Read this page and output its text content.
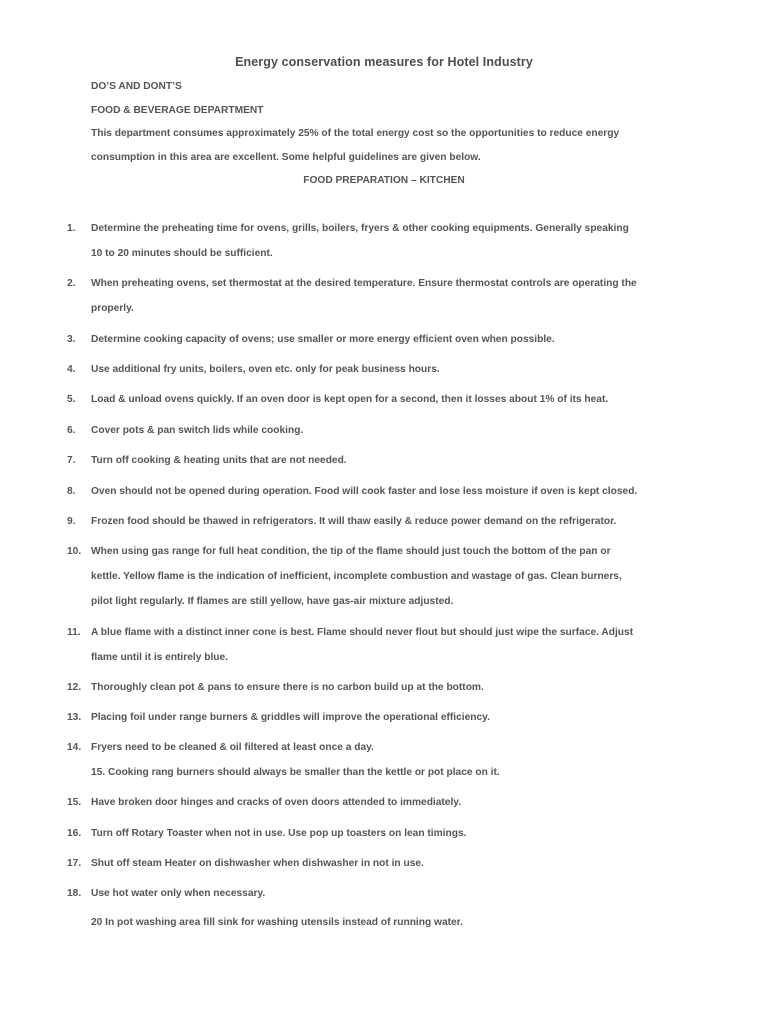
Energy conservation measures for Hotel Industry
DO’S AND DONT’S
FOOD & BEVERAGE DEPARTMENT
This department consumes approximately 25% of the total energy cost so the opportunities to reduce energy
consumption in this area are excellent. Some helpful guidelines are given below.
FOOD PREPARATION – KITCHEN
1. Determine the preheating time for ovens, grills, boilers, fryers & other cooking equipments. Generally speaking
10 to 20 minutes should be sufficient.
2. When preheating ovens, set thermostat at the desired temperature. Ensure thermostat controls are operating the
properly.
3. Determine cooking capacity of ovens; use smaller or more energy efficient oven when possible.
4. Use additional fry units, boilers, oven etc. only for peak business hours.
5. Load & unload ovens quickly. If an oven door is kept open for a second, then it losses about 1% of its heat.
6. Cover pots & pan switch lids while cooking.
7. Turn off cooking & heating units that are not needed.
8. Oven should not be opened during operation. Food will cook faster and lose less moisture if oven is kept closed.
9. Frozen food should be thawed in refrigerators. It will thaw easily & reduce power demand on the refrigerator.
10. When using gas range for full heat condition, the tip of the flame should just touch the bottom of the pan or
kettle. Yellow flame is the indication of inefficient, incomplete combustion and wastage of gas. Clean burners,
pilot light regularly. If flames are still yellow, have gas-air mixture adjusted.
11. A blue flame with a distinct inner cone is best. Flame should never flout but should just wipe the surface. Adjust
flame until it is entirely blue.
12. Thoroughly clean pot & pans to ensure there is no carbon build up at the bottom.
13. Placing foil under range burners & griddles will improve the operational efficiency.
14. Fryers need to be cleaned & oil filtered at least once a day.
15. Cooking rang burners should always be smaller than the kettle or pot place on it.
15. Have broken door hinges and cracks of oven doors attended to immediately.
16. Turn off Rotary Toaster when not in use. Use pop up toasters on lean timings.
17. Shut off steam Heater on dishwasher when dishwasher in not in use.
18. Use hot water only when necessary.
20 In pot washing area fill sink for washing utensils instead of running water.
